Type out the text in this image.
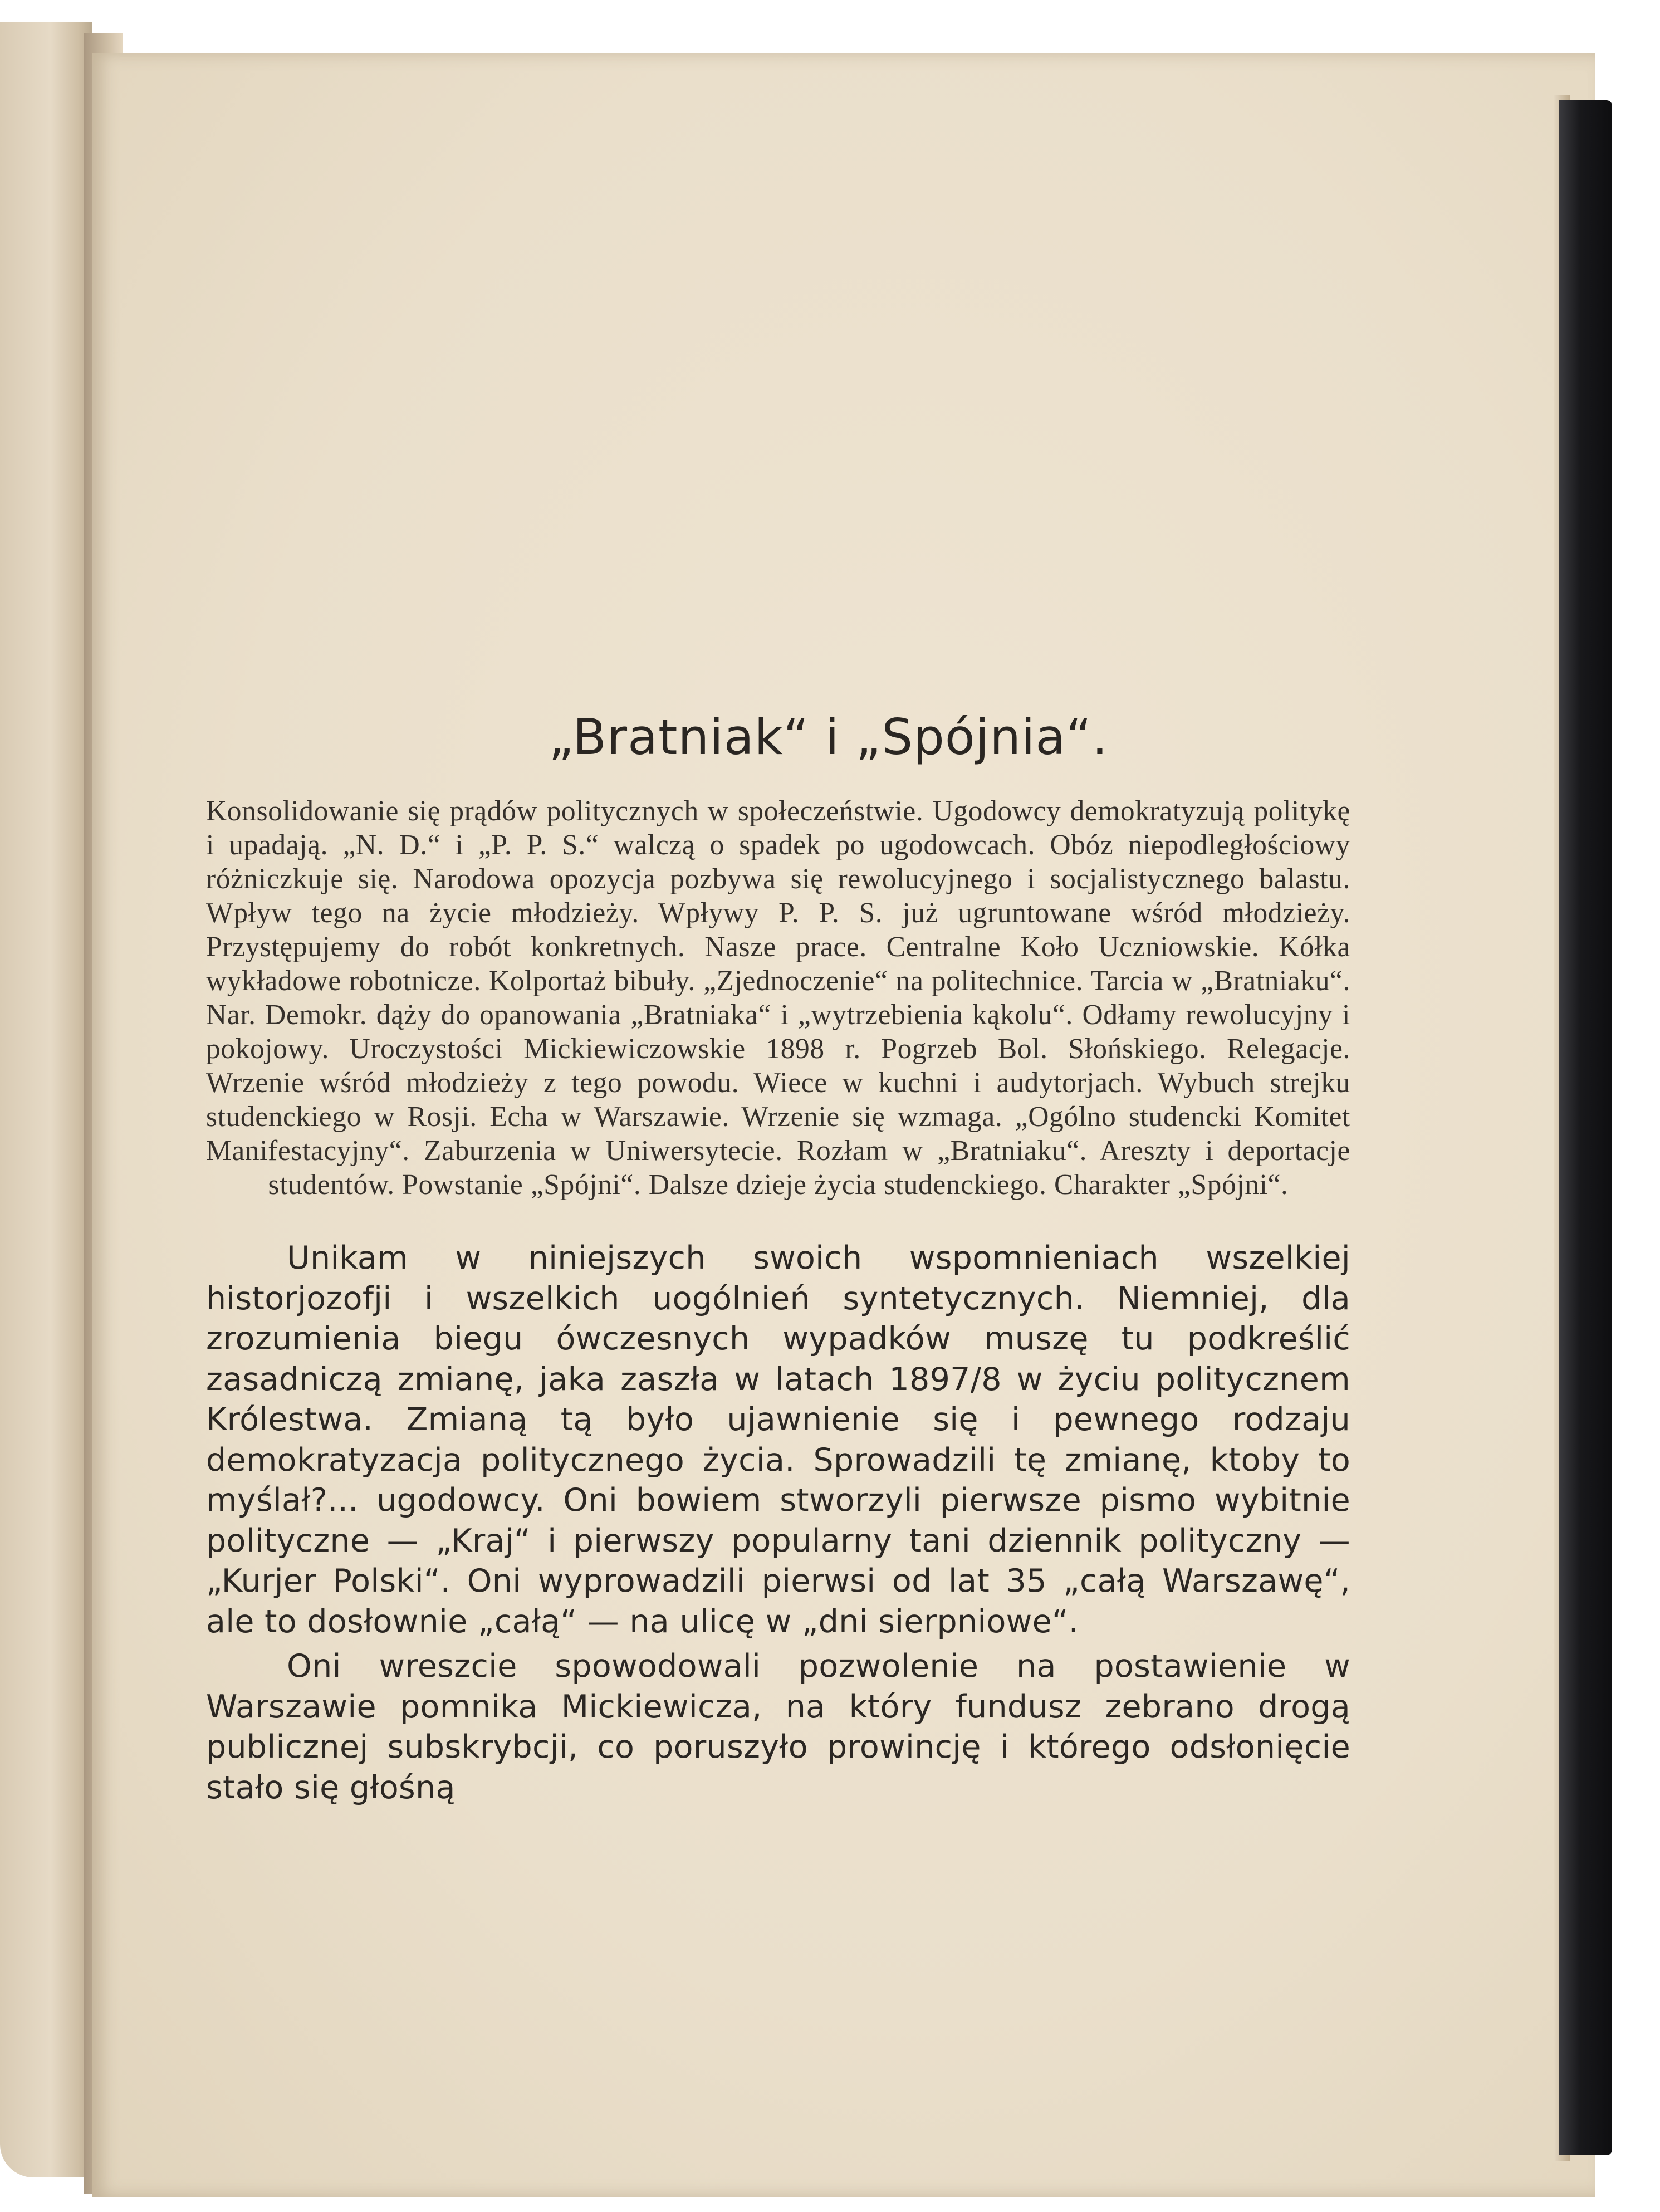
„Bratniak“ i „Spójnia“.
Konsolidowanie się prądów politycznych w społeczeństwie. Ugodowcy demokratyzują politykę i upadają. „N. D.“ i „P. P. S.“ walczą o spadek po ugodowcach. Obóz niepodległościowy różniczkuje się. Narodowa opozycja pozbywa się rewolucyjnego i socjalistycznego balastu. Wpływ tego na życie młodzieży. Wpływy P. P. S. już ugruntowane wśród młodzieży. Przystępujemy do robót konkretnych. Nasze prace. Centralne Koło Uczniowskie. Kółka wykładowe robotnicze. Kolportaż bibuły. „Zjednoczenie“ na politechnice. Tarcia w „Bratniaku“. Nar. Demokr. dąży do opanowania „Bratniaka“ i „wytrzebienia kąkolu“. Odłamy rewolucyjny i pokojowy. Uroczystości Mickiewiczowskie 1898 r. Pogrzeb Bol. Słońskiego. Relegacje. Wrzenie wśród młodzieży z tego powodu. Wiece w kuchni i audytorjach. Wybuch strejku studenckiego w Rosji. Echa w Warszawie. Wrzenie się wzmaga. „Ogólno studencki Komitet Manifestacyjny“. Zaburzenia w Uniwersytecie. Rozłam w „Bratniaku“. Areszty i deportacje studentów. Powstanie „Spójni“. Dalsze dzieje życia studenckiego. Charakter „Spójni“.

Unikam w niniejszych swoich wspomnieniach wszelkiej historjozofji i wszelkich uogólnień syntetycznych. Niemniej, dla zrozumienia biegu ówczesnych wypadków muszę tu podkreślić zasadniczą zmianę, jaka zaszła w latach 1897/8 w życiu politycznem Królestwa. Zmianą tą było ujawnienie się i pewnego rodzaju demokratyzacja politycznego życia. Sprowadzili tę zmianę, ktoby to myślał?... ugodowcy. Oni bowiem stworzyli pierwsze pismo wybitnie polityczne — „Kraj“ i pierwszy popularny tani dziennik polityczny — „Kurjer Polski“. Oni wyprowadzili pierwsi od lat 35 „całą Warszawę“, ale to dosłownie „całą“ — na ulicę w „dni sierpniowe“.

Oni wreszcie spowodowali pozwolenie na postawienie w Warszawie pomnika Mickiewicza, na który fundusz zebrano drogą publicznej subskrybcji, co poruszyło prowincję i którego odsłonięcie stało się głośną
